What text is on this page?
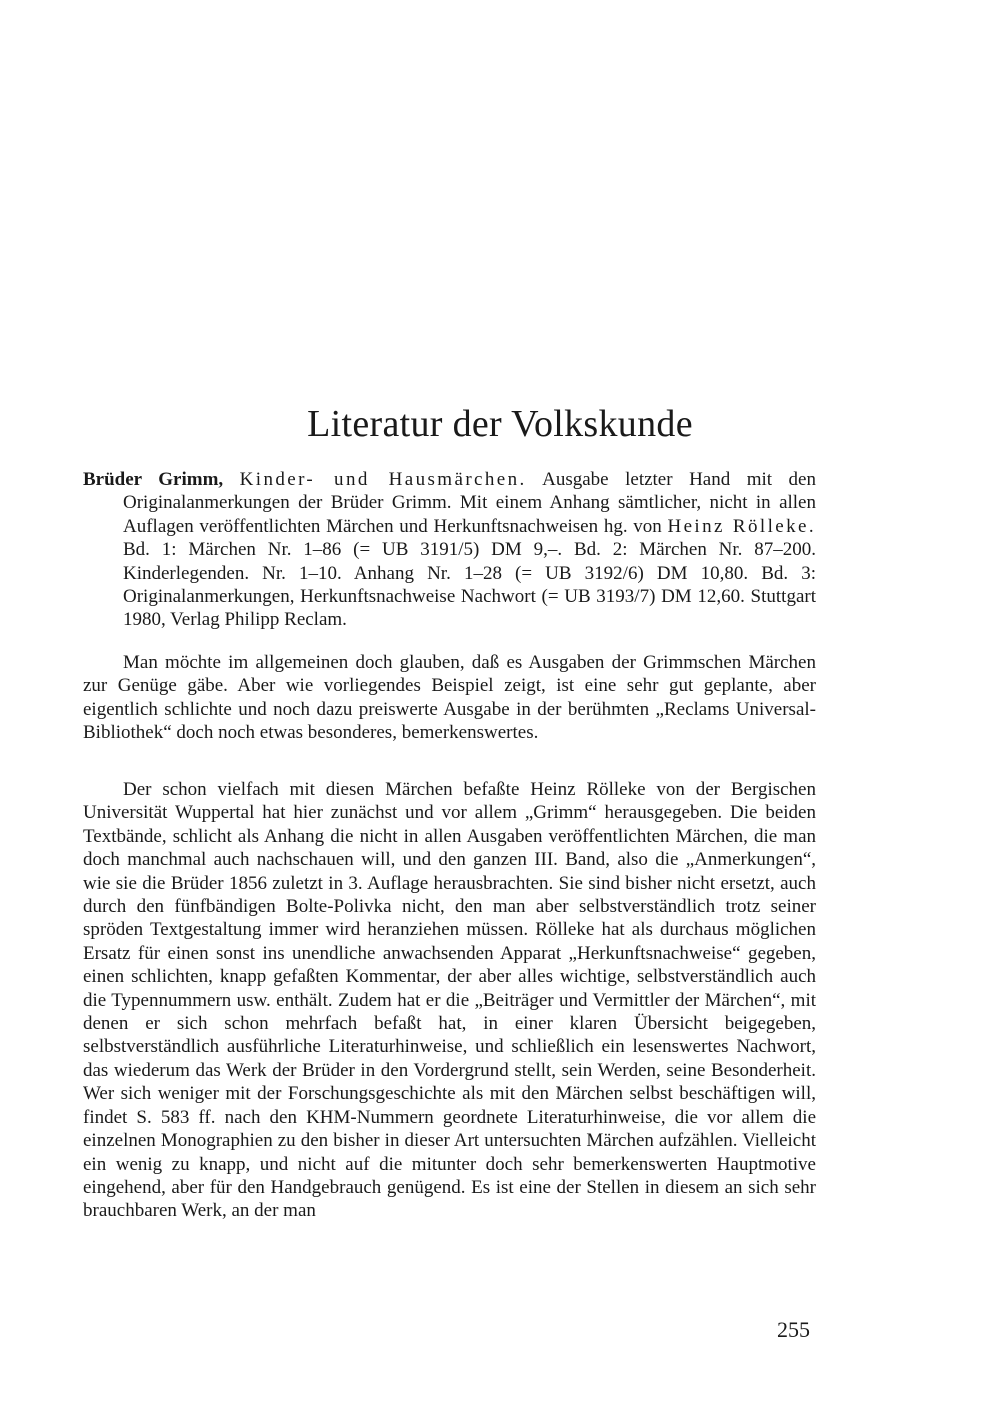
Literatur der Volkskunde

Brüder Grimm, Kinder- und Hausmärchen. Ausgabe letzter Hand mit den Originalanmerkungen der Brüder Grimm. Mit einem Anhang sämtlicher, nicht in allen Auflagen veröffentlichten Märchen und Herkunftsnachweisen hg. von Heinz Rölleke. Bd. 1: Märchen Nr. 1–86 (= UB 3191/5) DM 9,–. Bd. 2: Märchen Nr. 87–200. Kinderlegenden. Nr. 1–10. Anhang Nr. 1–28 (= UB 3192/6) DM 10,80. Bd. 3: Originalanmerkungen, Herkunftsnachweise Nachwort (= UB 3193/7) DM 12,60. Stuttgart 1980, Verlag Philipp Reclam.

Man möchte im allgemeinen doch glauben, daß es Ausgaben der Grimmschen Märchen zur Genüge gäbe. Aber wie vorliegendes Beispiel zeigt, ist eine sehr gut geplante, aber eigentlich schlichte und noch dazu preiswerte Ausgabe in der berühmten „Reclams Universal-Bibliothek“ doch noch etwas besonderes, bemerkenswertes.

Der schon vielfach mit diesen Märchen befaßte Heinz Rölleke von der Bergischen Universität Wuppertal hat hier zunächst und vor allem „Grimm“ herausgegeben. Die beiden Textbände, schlicht als Anhang die nicht in allen Ausgaben veröffentlichten Märchen, die man doch manchmal auch nachschauen will, und den ganzen III. Band, also die „Anmerkungen“, wie sie die Brüder 1856 zuletzt in 3. Auflage herausbrachten. Sie sind bisher nicht ersetzt, auch durch den fünfbändigen Bolte-Polivka nicht, den man aber selbstverständlich trotz seiner spröden Textgestaltung immer wird heranziehen müssen. Rölleke hat als durchaus möglichen Ersatz für einen sonst ins unendliche anwachsenden Apparat „Herkunftsnachweise“ gegeben, einen schlichten, knapp gefaßten Kommentar, der aber alles wichtige, selbstverständlich auch die Typennummern usw. enthält. Zudem hat er die „Beiträger und Vermittler der Märchen“, mit denen er sich schon mehrfach befaßt hat, in einer klaren Übersicht beigegeben, selbstverständlich ausführliche Literaturhinweise, und schließlich ein lesenswertes Nachwort, das wiederum das Werk der Brüder in den Vordergrund stellt, sein Werden, seine Besonderheit. Wer sich weniger mit der Forschungsgeschichte als mit den Märchen selbst beschäftigen will, findet S. 583 ff. nach den KHM-Nummern geordnete Literaturhinweise, die vor allem die einzelnen Monographien zu den bisher in dieser Art untersuchten Märchen aufzählen. Vielleicht ein wenig zu knapp, und nicht auf die mitunter doch sehr bemerkenswerten Hauptmotive eingehend, aber für den Handgebrauch genügend. Es ist eine der Stellen in diesem an sich sehr brauchbaren Werk, an der man

255
